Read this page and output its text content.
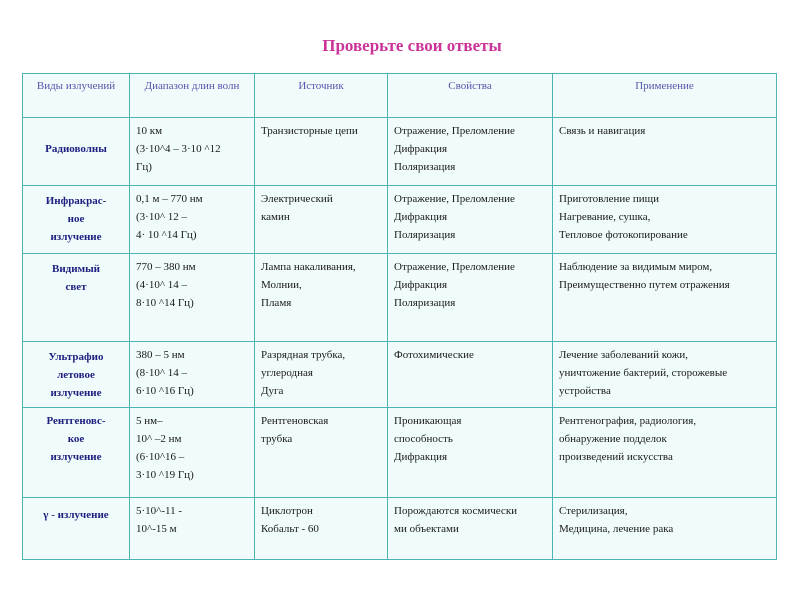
Проверьте свои ответы
Виды излучений	Диапазон длин волн	Источник	Свойства	Применение

Радиоволны	10 км
(3·10^4 – 3·10 ^12
Гц)	Транзисторные цепи	Отражение, Преломление
Дифракция
Поляризация	Связь и навигация

Инфракрас-
ное
излучение	0,1 м – 770 нм
(3·10^ 12 –
4· 10 ^14 Гц)	Электрический
камин	Отражение, Преломление
Дифракция
Поляризация	Приготовление пищи
Нагревание, сушка,
Тепловое фотокопирование

Видимый
свет	770 – 380 нм
(4·10^ 14 –
8·10 ^14 Гц)	Лампа накаливания,
Молнии,
Пламя	Отражение, Преломление
Дифракция
Поляризация	Наблюдение за видимым миром,
Преимущественно путем отражения

Ультрафио
летовое
излучение	380 – 5 нм
(8·10^ 14 –
6·10 ^16 Гц)	Разрядная трубка,
углеродная
Дуга	Фотохимические	Лечение заболеваний кожи,
уничтожение бактерий, сторожевые
устройства

Рентгеновс-
кое
излучение	5 нм–
10^ –2 нм
(6·10^16 –
3·10 ^19 Гц)	Рентгеновская
трубка	Проникающая
способность
Дифракция	Рентгенография, радиология,
обнаружение подделок
произведений искусства

γ - излучение	5·10^-11 -
10^-15 м	Циклотрон
Кобальт - 60	Порождаются космически
ми объектами	Стерилизация,
Медицина, лечение рака
